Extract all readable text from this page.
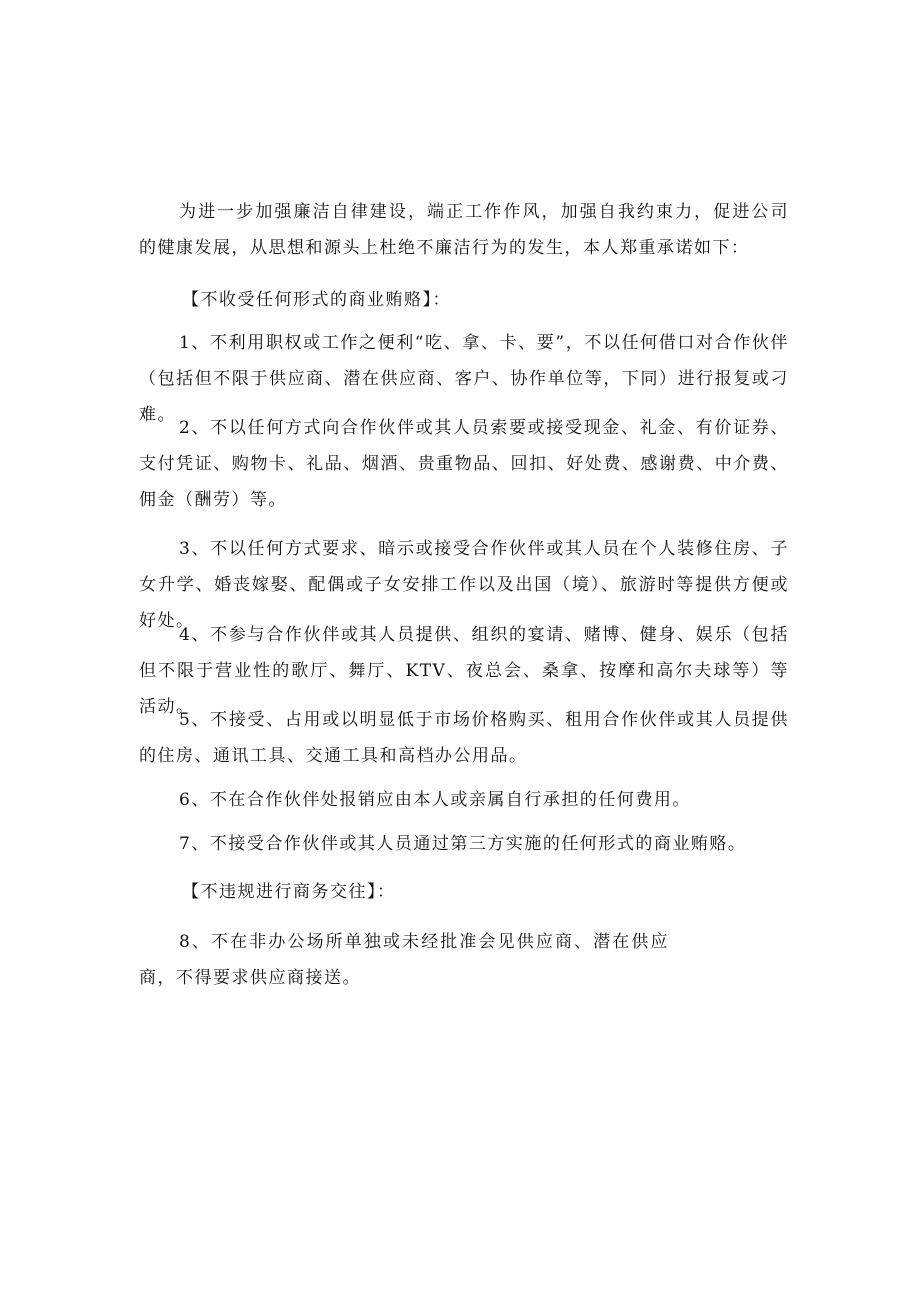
为进一步加强廉洁自律建设，端正工作作风，加强自我约束力，促进公司的健康发展，从思想和源头上杜绝不廉洁行为的发生，本人郑重承诺如下：

【不收受任何形式的商业贿赂】：

1、不利用职权或工作之便利“吃、拿、卡、要”，不以任何借口对合作伙伴（包括但不限于供应商、潜在供应商、客户、协作单位等，下同）进行报复或刁难。

2、不以任何方式向合作伙伴或其人员索要或接受现金、礼金、有价证券、支付凭证、购物卡、礼品、烟酒、贵重物品、回扣、好处费、感谢费、中介费、佣金（酬劳）等。

3、不以任何方式要求、暗示或接受合作伙伴或其人员在个人装修住房、子女升学、婚丧嫁娶、配偶或子女安排工作以及出国（境）、旅游时等提供方便或好处。

4、不参与合作伙伴或其人员提供、组织的宴请、赌博、健身、娱乐（包括但不限于营业性的歌厅、舞厅、KTV、夜总会、桑拿、按摩和高尔夫球等）等活动。

5、不接受、占用或以明显低于市场价格购买、租用合作伙伴或其人员提供的住房、通讯工具、交通工具和高档办公用品。

6、不在合作伙伴处报销应由本人或亲属自行承担的任何费用。

7、不接受合作伙伴或其人员通过第三方实施的任何形式的商业贿赂。

【不违规进行商务交往】：

8、不在非办公场所单独或未经批准会见供应商、潜在供应商，不得要求供应商接送。
